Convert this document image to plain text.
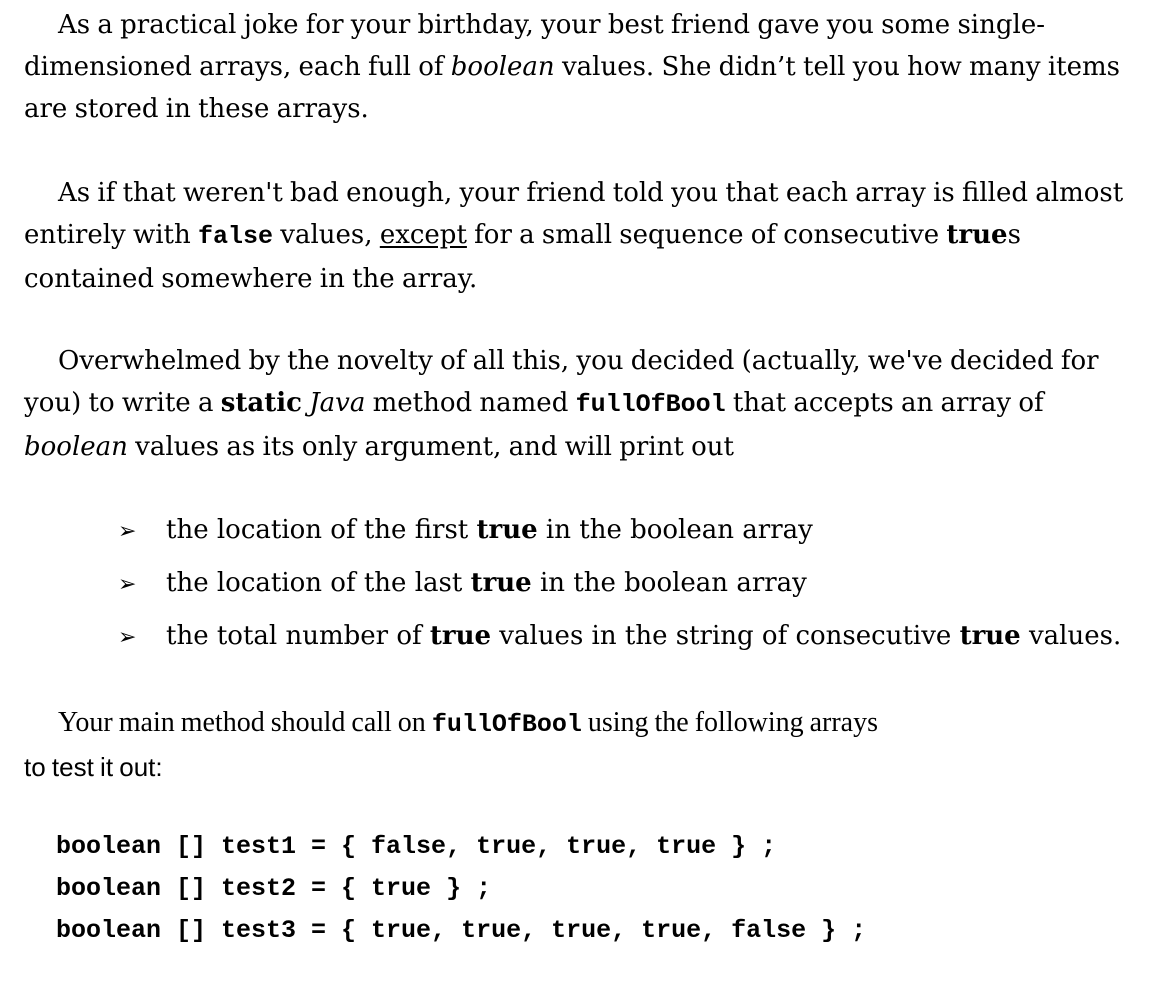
As a practical joke for your birthday, your best friend gave you some single-dimensioned arrays, each full of boolean values. She didn’t tell you how many items are stored in these arrays.

As if that weren't bad enough, your friend told you that each array is filled almost entirely with false values, except for a small sequence of consecutive trues contained somewhere in the array.

Overwhelmed by the novelty of all this, you decided (actually, we've decided for you) to write a static Java method named fullOfBool that accepts an array of boolean values as its only argument, and will print out

➢ the location of the first true in the boolean array
➢ the location of the last true in the boolean array
➢ the total number of true values in the string of consecutive true values.

Your main method should call on fullOfBool using the following arrays
to test it out:

boolean [] test1 = { false, true, true, true } ;
boolean [] test2 = { true } ;
boolean [] test3 = { true, true, true, true, false } ;
